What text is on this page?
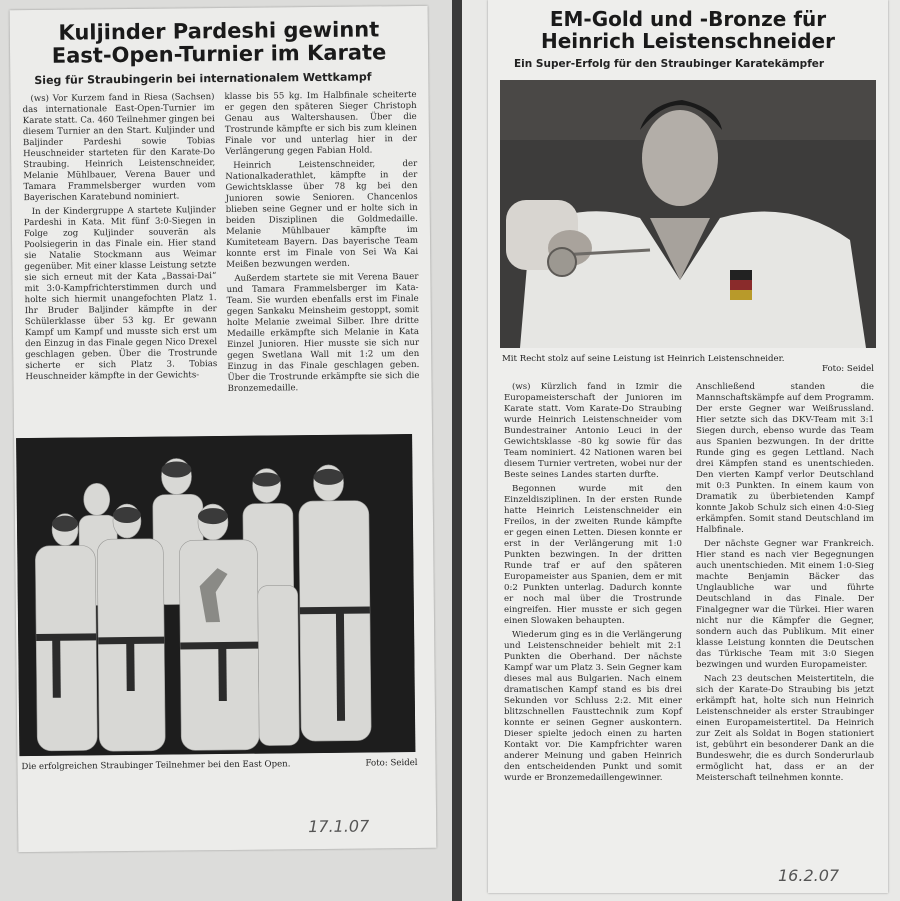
Kuljinder Pardeshi gewinnt
East-Open-Turnier im Karate

Sieg für Straubingerin bei internationalem Wettkampf

(ws) Vor Kurzem fand in Riesa (Sachsen) das internationale East-Open-Turnier im Karate statt. Ca. 460 Teilnehmer gingen bei diesem Turnier an den Start. Kuljinder und Baljinder Pardeshi sowie Tobias Heuschneider starteten für den Karate-Do Straubing. Heinrich Leistenschneider, Melanie Mühlbauer, Verena Bauer und Tamara Frammelsberger wurden vom Bayerischen Karatebund nominiert.

In der Kindergruppe A startete Kuljinder Pardeshi in Kata. Mit fünf 3:0-Siegen in Folge zog Kuljinder souverän als Poolsiegerin in das Finale ein. Hier stand sie Natalie Stockmann aus Weimar gegenüber. Mit einer klasse Leistung setzte sie sich erneut mit der Kata „Bassai-Dai“ mit 3:0-Kampfrichterstimmen durch und holte sich hiermit unangefochten Platz 1. Ihr Bruder Baljinder kämpfte in der Schülerklasse über 53 kg. Er gewann Kampf um Kampf und musste sich erst um den Einzug in das Finale gegen Nico Drexel geschlagen geben. Über die Trostrunde sicherte er sich Platz 3. Tobias Heuschneider kämpfte in der Gewichts-

klasse bis 55 kg. Im Halbfinale scheiterte er gegen den späteren Sieger Christoph Genau aus Waltershausen. Über die Trostrunde kämpfte er sich bis zum kleinen Finale vor und unterlag hier in der Verlängerung gegen Fabian Hold.

Heinrich Leistenschneider, der Nationalkaderathlet, kämpfte in der Gewichtsklasse über 78 kg bei den Junioren sowie Senioren. Chancenlos blieben seine Gegner und er holte sich in beiden Disziplinen die Goldmedaille. Melanie Mühlbauer kämpfte im Kumiteteam Bayern. Das bayerische Team konnte erst im Finale von Sei Wa Kai Meißen bezwungen werden.

Außerdem startete sie mit Verena Bauer und Tamara Frammelsberger im Kata-Team. Sie wurden ebenfalls erst im Finale gegen Sankaku Meinsheim gestoppt, somit holte Melanie zweimal Silber. Ihre dritte Medaille erkämpfte sich Melanie in Kata Einzel Junioren. Hier musste sie sich nur gegen Swetlana Wall mit 1:2 um den Einzug in das Finale geschlagen geben. Über die Trostrunde erkämpfte sie sich die Bronzemedaille.

Die erfolgreichen Straubinger Teilnehmer bei den East Open.	Foto: Seidel
17.1.07
EM-Gold und -Bronze für
Heinrich Leistenschneider

Ein Super-Erfolg für den Straubinger Karatekämpfer

Mit Recht stolz auf seine Leistung ist Heinrich Leistenschneider.
Foto: Seidel

(ws) Kürzlich fand in Izmir die Europameisterschaft der Junioren im Karate statt. Vom Karate-Do Straubing wurde Heinrich Leistenschneider vom Bundestrainer Antonio Leuci in der Gewichtsklasse -80 kg sowie für das Team nominiert. 42 Nationen waren bei diesem Turnier vertreten, wobei nur der Beste seines Landes starten durfte.

Begonnen wurde mit den Einzeldisziplinen. In der ersten Runde hatte Heinrich Leistenschneider ein Freilos, in der zweiten Runde kämpfte er gegen einen Letten. Diesen konnte er erst in der Verlängerung mit 1:0 Punkten bezwingen. In der dritten Runde traf er auf den späteren Europameister aus Spanien, dem er mit 0:2 Punkten unterlag. Dadurch konnte er noch mal über die Trostrunde eingreifen. Hier musste er sich gegen einen Slowaken behaupten.

Wiederum ging es in die Verlängerung und Leistenschneider behielt mit 2:1 Punkten die Oberhand. Der nächste Kampf war um Platz 3. Sein Gegner kam dieses mal aus Bulgarien. Nach einem dramatischen Kampf stand es bis drei Sekunden vor Schluss 2:2. Mit einer blitzschnellen Fausttechnik zum Kopf konnte er seinen Gegner auskontern. Dieser spielte jedoch einen zu harten Kontakt vor. Die Kampfrichter waren anderer Meinung und gaben Heinrich den entscheidenden Punkt und somit wurde er Bronzemedaillengewinner.

Anschließend standen die Mannschaftskämpfe auf dem Programm. Der erste Gegner war Weißrussland. Hier setzte sich das DKV-Team mit 3:1 Siegen durch, ebenso wurde das Team aus Spanien bezwungen. In der dritte Runde ging es gegen Lettland. Nach drei Kämpfen stand es unentschieden. Den vierten Kampf verlor Deutschland mit 0:3 Punkten. In einem kaum von Dramatik zu überbietenden Kampf konnte Jakob Schulz sich einen 4:0-Sieg erkämpfen. Somit stand Deutschland im Halbfinale.

Der nächste Gegner war Frankreich. Hier stand es nach vier Begegnungen auch unentschieden. Mit einem 1:0-Sieg machte Benjamin Bäcker das Unglaubliche war und führte Deutschland in das Finale. Der Finalgegner war die Türkei. Hier waren nicht nur die Kämpfer die Gegner, sondern auch das Publikum. Mit einer klasse Leistung konnten die Deutschen das Türkische Team mit 3:0 Siegen bezwingen und wurden Europameister.

Nach 23 deutschen Meistertiteln, die sich der Karate-Do Straubing bis jetzt erkämpft hat, holte sich nun Heinrich Leistenschneider als erster Straubinger einen Europameistertitel. Da Heinrich zur Zeit als Soldat in Bogen stationiert ist, gebührt ein besonderer Dank an die Bundeswehr, die es durch Sonderurlaub ermöglicht hat, dass er an der Meisterschaft teilnehmen konnte.

16.2.07
